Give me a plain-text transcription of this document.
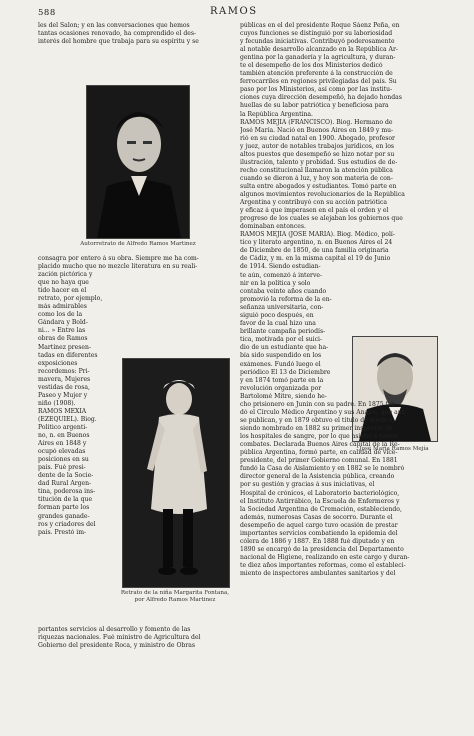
588	RAMOS
les del Salon; y en las conversaciones que hemos
tantas ocasiones renovado, ha comprendido el des-
interés del hombre que trabaja para su espíritu y se
Autorretrato de Alfredo Ramos Martinez
consagra por entero á su obra. Siempre me ha com-
placido mucho que no mezcle literatura en su reali-
zación pictórica y
que no haya que
tido hacer en el
retrato, por ejemplo,
más admirables
como los de la
Gándara y Bold-
ni... » Entre las
obras de Ramos
Martínez presen-
tadas en diferentes
exposiciones
recordemos: Pri-
mavera, Mujeres
vestidas de rosa,
Paseo y Mujer y
niño (1908).
RAMOS MEXÍA
(EZEQUIEL). Biog.
Político argenti-
no, n. en Buenos
Aires en 1848 y
ocupó elevadas
posiciones en su
país. Fué presi-
dente de la Socie-
dad Rural Argen-
tina, poderosa ins-
titución de la que
forman parte los
grandes ganade-
ros y criadores del
país. Prestó im-
Retrato de la niña Margarita Fontana, por Alfredo Ramos Martinez
portantes servicios al desarrollo y fomento de las
riquezas nacionales. Fué ministro de Agricultura del
Gobierno del presidente Roca, y ministro de Obras
públicas en el del presidente Roque Sáenz Peña, en
cuyos funciones se distinguió por su laboriosidad
y fecundas iniciativas. Contribuyó poderosamente
al notable desarrollo alcanzado en la República Ar-
gentina por la ganadería y la agricultura, y duran-
te el desempeño de los dos Ministerios dedicó
también atención preferente á la construcción de
ferrocarriles en regiones privilegiadas del país. Su
paso por los Ministerios, así como por las institu-
ciones cuya dirección desempeñó, ha dejado hondas
huellas de su labor patriótica y beneficiosa para
la República Argentina.
RAMOS MEJÍA (FRANCISCO). Biog. Hermano de
José María. Nació en Buenos Aires en 1849 y mu-
rió en su ciudad natal en 1900. Abogado, profesor
y juez, autor de notables trabajos jurídicos, en los
altos puestos que desempeñó se hizo notar por su
ilustración, talento y probidad. Sus estudios de de-
recho constitucional llamaron la atención pública
cuando se dieron á luz, y hoy son materia de con-
sulta entre abogados y estudiantes. Tomó parte en
algunos movimientos revolucionarios de la República
Argentina y contribuyó con su acción patriótica
y eficaz á que imperasen en el país el orden y el
progreso de los cuales se alejaban los gobiernos que
dominaban entonces.
RAMOS MEJÍA (JOSÉ MARÍA). Biog. Médico, polí-
tico y literato argentino, n. en Buenos Aires el 24
de Diciembre de 1850, de una familia originaria
de Cádiz, y m. en la misma capital el 19 de Junio
de 1914. Siendo estudian-
José María Ramos Mejía
te aún, comenzó á interve-
nir en la política y solo
contaba veinte años cuando
promovió la reforma de la en-
señanza universitaria, con-
siguió poco después, en
favor de la cual hizo una
brillante campaña periodís-
tica, motivada por el suici-
dio de un estudiante que ha-
bía sido suspendido en los
exámenes. Fundó luego el
periódico El 13 de Diciembre
y en 1874 tomó parte en la
revolución organizada por
Bartolomé Mitre, siendo he-
cho prisionero en Junín con su padre. En 1875 fun-
dó el Círculo Médico Argentino y sus Anales, que aun
se publican, y en 1879 obtuvo el título de médico,
siendo nombrado en 1882 su primer inspector de
los hospitales de sangre, por lo que asistió á varios
combates. Declarada Buenos Aires capital de la Re-
pública Argentina, formó parte, en calidad de vice-
presidente, del primer Gobierno comunal. En 1881
fundó la Casa de Aislamiento y en 1882 se le nombró
director general de la Asistencia pública, creando
por su gestión y gracias á sus iniciativas, el
Hospital de crónicos, el Laboratorio bacteriológico,
el Instituto Antirrábico, la Escuela de Enfermeros y
la Sociedad Argentina de Cremación, estableciendo,
además, numerosas Casas de socorro. Durante el
desempeño de aquel cargo tuvo ocasión de prestar
importantes servicios combatiendo la epidemia del
cólera de 1886 y 1887. En 1888 fué diputado y en
1890 se encargó de la presidencia del Departamento
nacional de Higiene, realizando en este cargo y duran-
te diez años importantes reformas, como el estableci-
miento de inspectores ambulantes sanitarios y del
